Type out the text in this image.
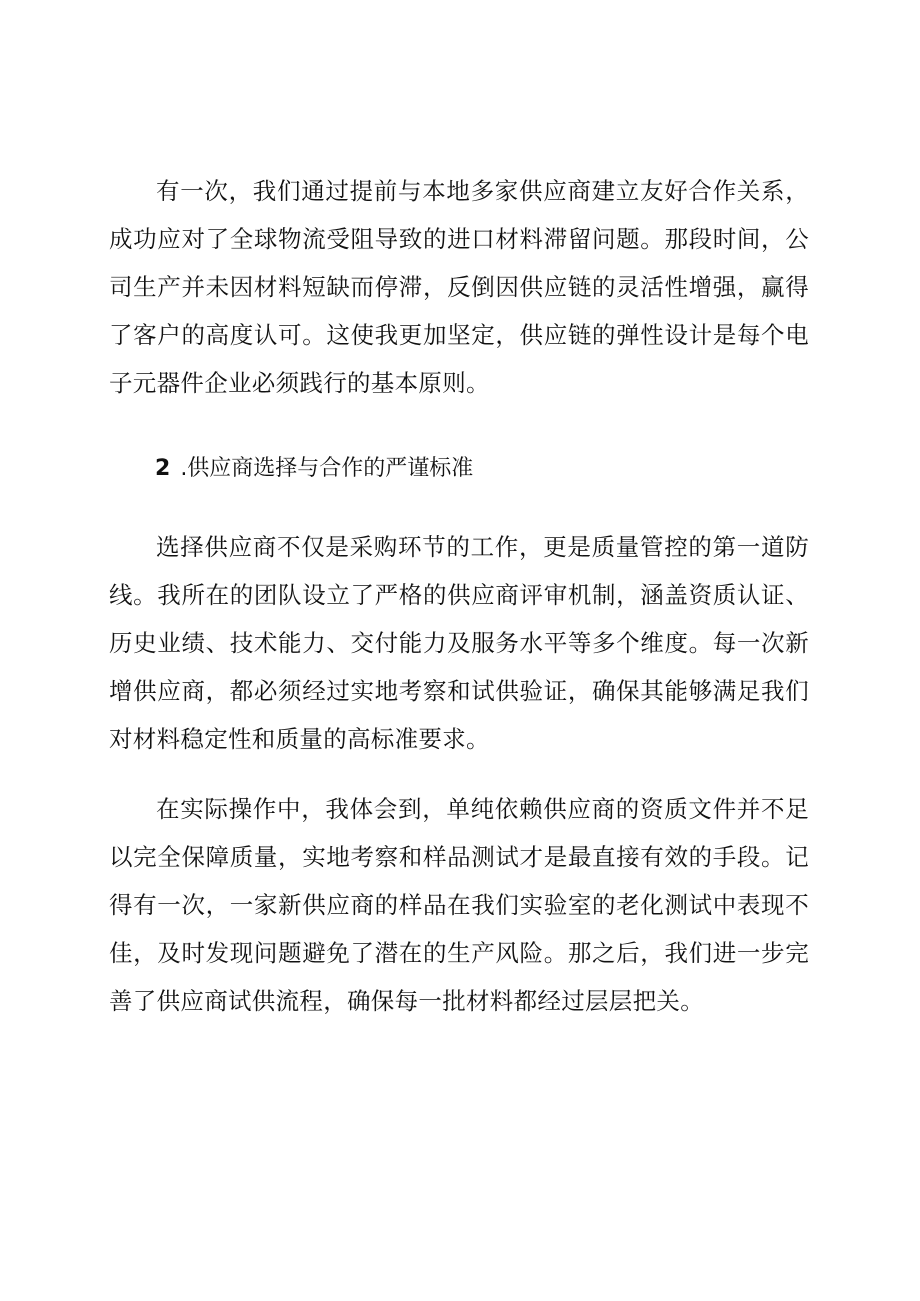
有一次，我们通过提前与本地多家供应商建立友好合作关系，成功应对了全球物流受阻导致的进口材料滞留问题。那段时间，公司生产并未因材料短缺而停滞，反倒因供应链的灵活性增强，赢得了客户的高度认可。这使我更加坚定，供应链的弹性设计是每个电子元器件企业必须践行的基本原则。

2 .供应商选择与合作的严谨标准

选择供应商不仅是采购环节的工作，更是质量管控的第一道防线。我所在的团队设立了严格的供应商评审机制，涵盖资质认证、历史业绩、技术能力、交付能力及服务水平等多个维度。每一次新增供应商，都必须经过实地考察和试供验证，确保其能够满足我们对材料稳定性和质量的高标准要求。

在实际操作中，我体会到，单纯依赖供应商的资质文件并不足以完全保障质量，实地考察和样品测试才是最直接有效的手段。记得有一次，一家新供应商的样品在我们实验室的老化测试中表现不佳，及时发现问题避免了潜在的生产风险。那之后，我们进一步完善了供应商试供流程，确保每一批材料都经过层层把关。
